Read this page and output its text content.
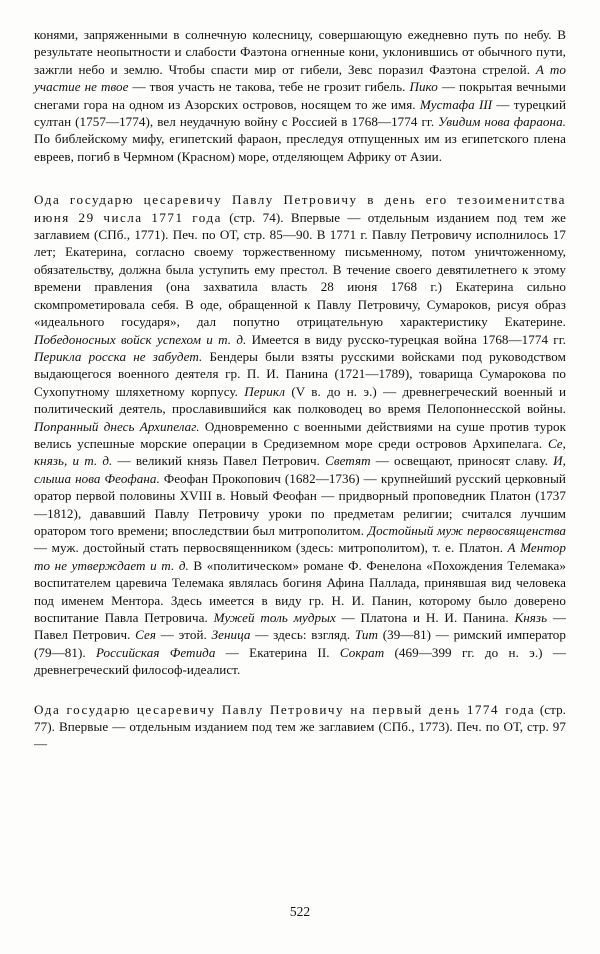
конями, запряженными в солнечную колесницу, совершающую ежедневно путь по небу. В результате неопытности и слабости Фаэтона огненные кони, уклонившись от обычного пути, зажгли небо и землю. Чтобы спасти мир от гибели, Зевс поразил Фаэтона стрелой. А то участие не твое — твоя участь не такова, тебе не грозит гибель. Пико — покрытая вечными снегами гора на одном из Азорских островов, носящем то же имя. Мустафа III — турецкий султан (1757—1774), вел неудачную войну с Россией в 1768—1774 гг. Увидим нова фараона. По библейскому мифу, египетский фараон, преследуя отпущенных им из египетского плена евреев, погиб в Чермном (Красном) море, отделяющем Африку от Азии.

Ода государю цесаревичу Павлу Петровичу в день его тезоименитства июня 29 числа 1771 года (стр. 74). Впервые — отдельным изданием под тем же заглавием (СПб., 1771). Печ. по ОТ, стр. 85—90. В 1771 г. Павлу Петровичу исполнилось 17 лет; Екатерина, согласно своему торжественному письменному, потом уничтоженному, обязательству, должна была уступить ему престол. В течение своего девятилетнего к этому времени правления (она захватила власть 28 июня 1768 г.) Екатерина сильно скомпрометировала себя. В оде, обращенной к Павлу Петровичу, Сумароков, рисуя образ «идеального государя», дал попутно отрицательную характеристику Екатерине. Победоносных войск успехом и т. д. Имеется в виду русско-турецкая война 1768—1774 гг. Перикла росска не забудет. Бендеры были взяты русскими войсками под руководством выдающегося военного деятеля гр. П. И. Панина (1721—1789), товарища Сумарокова по Сухопутному шляхетному корпусу. Перикл (V в. до н. э.) — древнегреческий военный и политический деятель, прославившийся как полководец во время Пелопоннесской войны. Попранный днесь Архипелаг. Одновременно с военными действиями на суше против турок велись успешные морские операции в Средиземном море среди островов Архипелага. Се, князь, и т. д. — великий князь Павел Петрович. Светят — освещают, приносят славу. И, слыша нова Феофана. Феофан Прокопович (1682—1736) — крупнейший русский церковный оратор первой половины XVIII в. Новый Феофан — придворный проповедник Платон (1737—1812), дававший Павлу Петровичу уроки по предметам религии; считался лучшим оратором того времени; впоследствии был митрополитом. Достойный муж первосвященства — муж. достойный стать первосвященником (здесь: митрополитом), т. е. Платон. А Ментор то не утверждает и т. д. В «политическом» романе Ф. Фенелона «Похождения Телемака» воспитателем царевича Телемака являлась богиня Афина Паллада, принявшая вид человека под именем Ментора. Здесь имеется в виду гр. Н. И. Панин, которому было доверено воспитание Павла Петровича. Мужей толь мудрых — Платона и Н. И. Панина. Князь — Павел Петрович. Сея — этой. Зеница — здесь: взгляд. Тит (39—81) — римский император (79—81). Российская Фетида — Екатерина II. Сократ (469—399 гг. до н. э.) — древнегреческий философ-идеалист.

Ода государю цесаревичу Павлу Петровичу на первый день 1774 года (стр. 77). Впервые — отдельным изданием под тем же заглавием (СПб., 1773). Печ. по ОТ, стр. 97—

522
